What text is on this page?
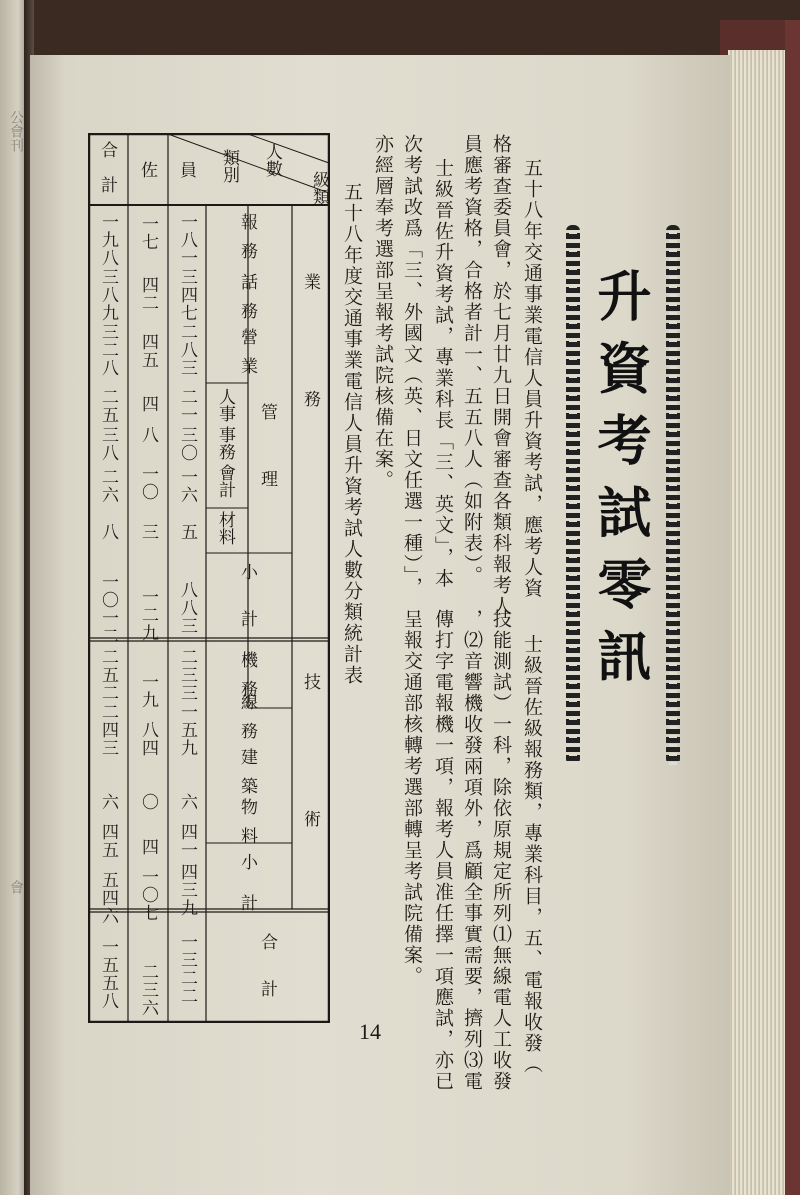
公會刊
會
升資考試零訊
五十八年交通事業電信人員升資考試，應考人資
格審查委員會，於七月廿九日開會審查各類科報考人
員應考資格，合格者計一、五五八人（如附表）。
士級晉佐升資考試，專業科長「三、英文」，本
次考試改爲「三、外國文（英、日文任選一種）」，
亦經層奉考選部呈報考試院核備在案。
五十八年度交通事業電信人員升資考試人數分類統計表
士級晉佐級報務類，專業科目，五、電報收發（
技能測試）一科，除依原規定所列⑴無線電人工收發
，⑵音響機收發兩項外，爲顧全事實需要，擠列⑶電
傳打字電報機一項，報考人員准任擇一項應試，亦已
呈報交通部核轉考選部轉呈考試院備案。
級類
人數
類別
員
佐
合計
業務
管理
技術
合計
報務
話務
營業
人事
事務
會計
材料
小計
機務
線務
建築
物料
小計
一八一
一七
一九八
三四七
四二
三八九
二八三
四五
三二八
二一
四
二五
三〇
八
三八
一六
一〇
二六
五
三
八
八八三
一二九
一〇一二
二三三
一九
二五二
一五九
八四
二四三
六
〇
六
四一
四
四五
四三九
一〇七
五四六
一三二二
二三六
一五五八
14
